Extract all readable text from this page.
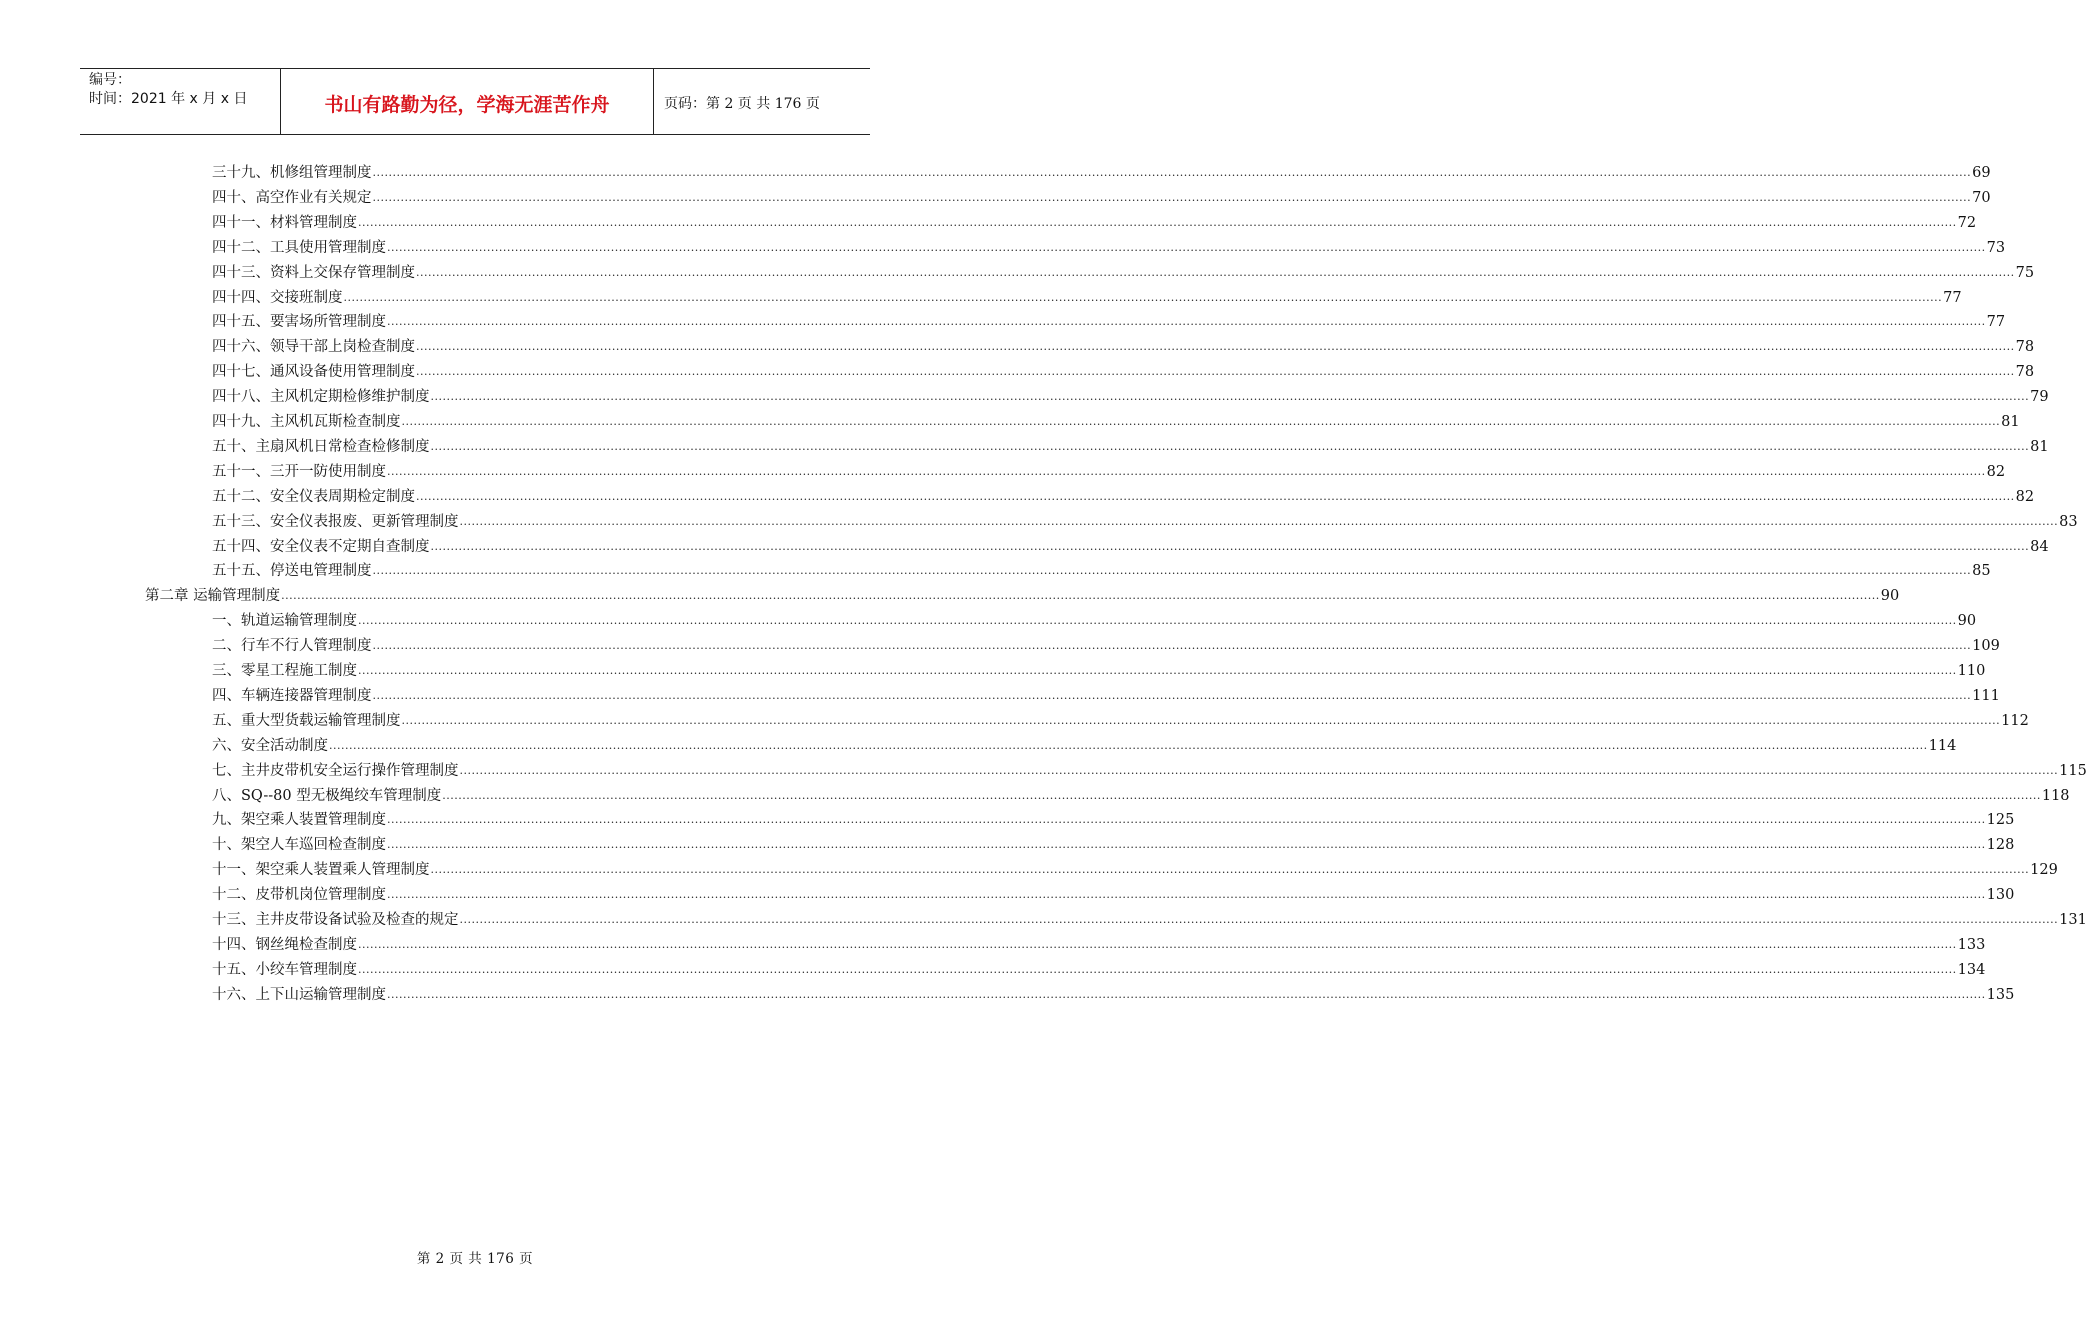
编号：
时间：2021 年 x 月 x 日	书山有路勤为径，学海无涯苦作舟	页码：第 2 页 共 176 页
三十九、机修组管理制度 ................................................................................................................................................................................................................................................................................................................................................................................................................ 69
四十、高空作业有关规定 ................................................................................................................................................................................................................................................................................................................................................................................................................ 70
四十一、材料管理制度 ................................................................................................................................................................................................................................................................................................................................................................................................................ 72
四十二、工具使用管理制度 ................................................................................................................................................................................................................................................................................................................................................................................................................ 73
四十三、资料上交保存管理制度 ................................................................................................................................................................................................................................................................................................................................................................................................................ 75
四十四、交接班制度 ................................................................................................................................................................................................................................................................................................................................................................................................................ 77
四十五、要害场所管理制度 ................................................................................................................................................................................................................................................................................................................................................................................................................ 77
四十六、领导干部上岗检查制度 ................................................................................................................................................................................................................................................................................................................................................................................................................ 78
四十七、通风设备使用管理制度 ................................................................................................................................................................................................................................................................................................................................................................................................................ 78
四十八、主风机定期检修维护制度 ................................................................................................................................................................................................................................................................................................................................................................................................................ 79
四十九、主风机瓦斯检查制度 ................................................................................................................................................................................................................................................................................................................................................................................................................ 81
五十、主扇风机日常检查检修制度 ................................................................................................................................................................................................................................................................................................................................................................................................................ 81
五十一、三开一防使用制度 ................................................................................................................................................................................................................................................................................................................................................................................................................ 82
五十二、安全仪表周期检定制度 ................................................................................................................................................................................................................................................................................................................................................................................................................ 82
五十三、安全仪表报废、更新管理制度 ................................................................................................................................................................................................................................................................................................................................................................................................................ 83
五十四、安全仪表不定期自查制度 ................................................................................................................................................................................................................................................................................................................................................................................................................ 84
五十五、停送电管理制度 ................................................................................................................................................................................................................................................................................................................................................................................................................ 85
第二章 运输管理制度 ................................................................................................................................................................................................................................................................................................................................................................................................................ 90
一、轨道运输管理制度 ................................................................................................................................................................................................................................................................................................................................................................................................................ 90
二、行车不行人管理制度 ................................................................................................................................................................................................................................................................................................................................................................................................................ 109
三、零星工程施工制度 ................................................................................................................................................................................................................................................................................................................................................................................................................ 110
四、车辆连接器管理制度 ................................................................................................................................................................................................................................................................................................................................................................................................................ 111
五、重大型货载运输管理制度 ................................................................................................................................................................................................................................................................................................................................................................................................................ 112
六、安全活动制度 ................................................................................................................................................................................................................................................................................................................................................................................................................ 114
七、主井皮带机安全运行操作管理制度 ................................................................................................................................................................................................................................................................................................................................................................................................................ 115
八、SQ--80 型无极绳绞车管理制度 ................................................................................................................................................................................................................................................................................................................................................................................................................ 118
九、架空乘人装置管理制度 ................................................................................................................................................................................................................................................................................................................................................................................................................ 125
十、架空人车巡回检查制度 ................................................................................................................................................................................................................................................................................................................................................................................................................ 128
十一、架空乘人装置乘人管理制度 ................................................................................................................................................................................................................................................................................................................................................................................................................ 129
十二、皮带机岗位管理制度 ................................................................................................................................................................................................................................................................................................................................................................................................................ 130
十三、主井皮带设备试验及检查的规定 ................................................................................................................................................................................................................................................................................................................................................................................................................ 131
十四、钢丝绳检查制度 ................................................................................................................................................................................................................................................................................................................................................................................................................ 133
十五、小绞车管理制度 ................................................................................................................................................................................................................................................................................................................................................................................................................ 134
十六、上下山运输管理制度 ................................................................................................................................................................................................................................................................................................................................................................................................................ 135
第 2 页 共 176 页
